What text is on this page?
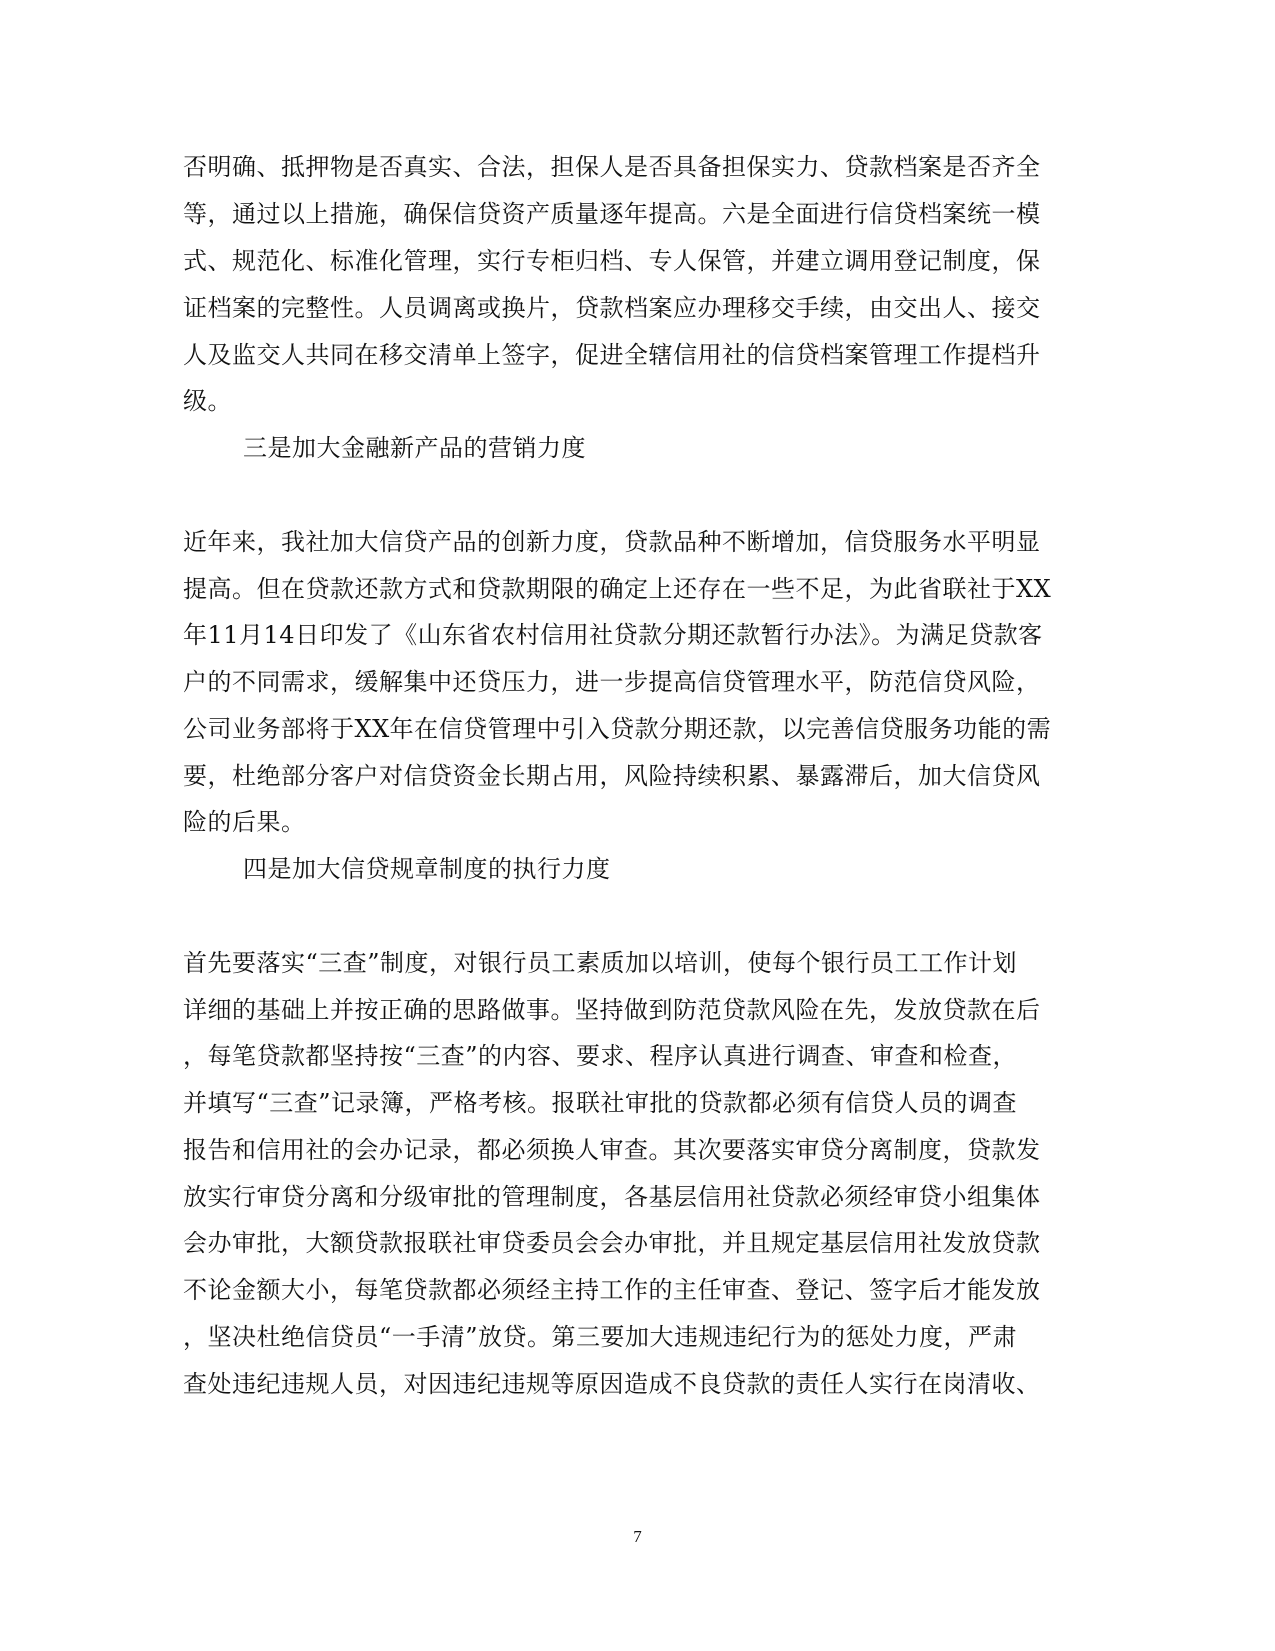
否明确、抵押物是否真实、合法，担保人是否具备担保实力、贷款档案是否齐全
等，通过以上措施，确保信贷资产质量逐年提高。六是全面进行信贷档案统一模
式、规范化、标准化管理，实行专柜归档、专人保管，并建立调用登记制度，保
证档案的完整性。人员调离或换片，贷款档案应办理移交手续，由交出人、接交
人及监交人共同在移交清单上签字，促进全辖信用社的信贷档案管理工作提档升
级。
三是加大金融新产品的营销力度
近年来，我社加大信贷产品的创新力度，贷款品种不断增加，信贷服务水平明显
提高。但在贷款还款方式和贷款期限的确定上还存在一些不足，为此省联社于XX
年11月14日印发了《山东省农村信用社贷款分期还款暂行办法》。为满足贷款客
户的不同需求，缓解集中还贷压力，进一步提高信贷管理水平，防范信贷风险，
公司业务部将于XX年在信贷管理中引入贷款分期还款，以完善信贷服务功能的需
要，杜绝部分客户对信贷资金长期占用，风险持续积累、暴露滞后，加大信贷风
险的后果。
四是加大信贷规章制度的执行力度
首先要落实“三查”制度，对银行员工素质加以培训，使每个银行员工工作计划
详细的基础上并按正确的思路做事。坚持做到防范贷款风险在先，发放贷款在后
，每笔贷款都坚持按“三查”的内容、要求、程序认真进行调查、审查和检查，
并填写“三查”记录簿，严格考核。报联社审批的贷款都必须有信贷人员的调查
报告和信用社的会办记录，都必须换人审查。其次要落实审贷分离制度，贷款发
放实行审贷分离和分级审批的管理制度，各基层信用社贷款必须经审贷小组集体
会办审批，大额贷款报联社审贷委员会会办审批，并且规定基层信用社发放贷款
不论金额大小，每笔贷款都必须经主持工作的主任审查、登记、签字后才能发放
，坚决杜绝信贷员“一手清”放贷。第三要加大违规违纪行为的惩处力度，严肃
查处违纪违规人员，对因违纪违规等原因造成不良贷款的责任人实行在岗清收、
7
